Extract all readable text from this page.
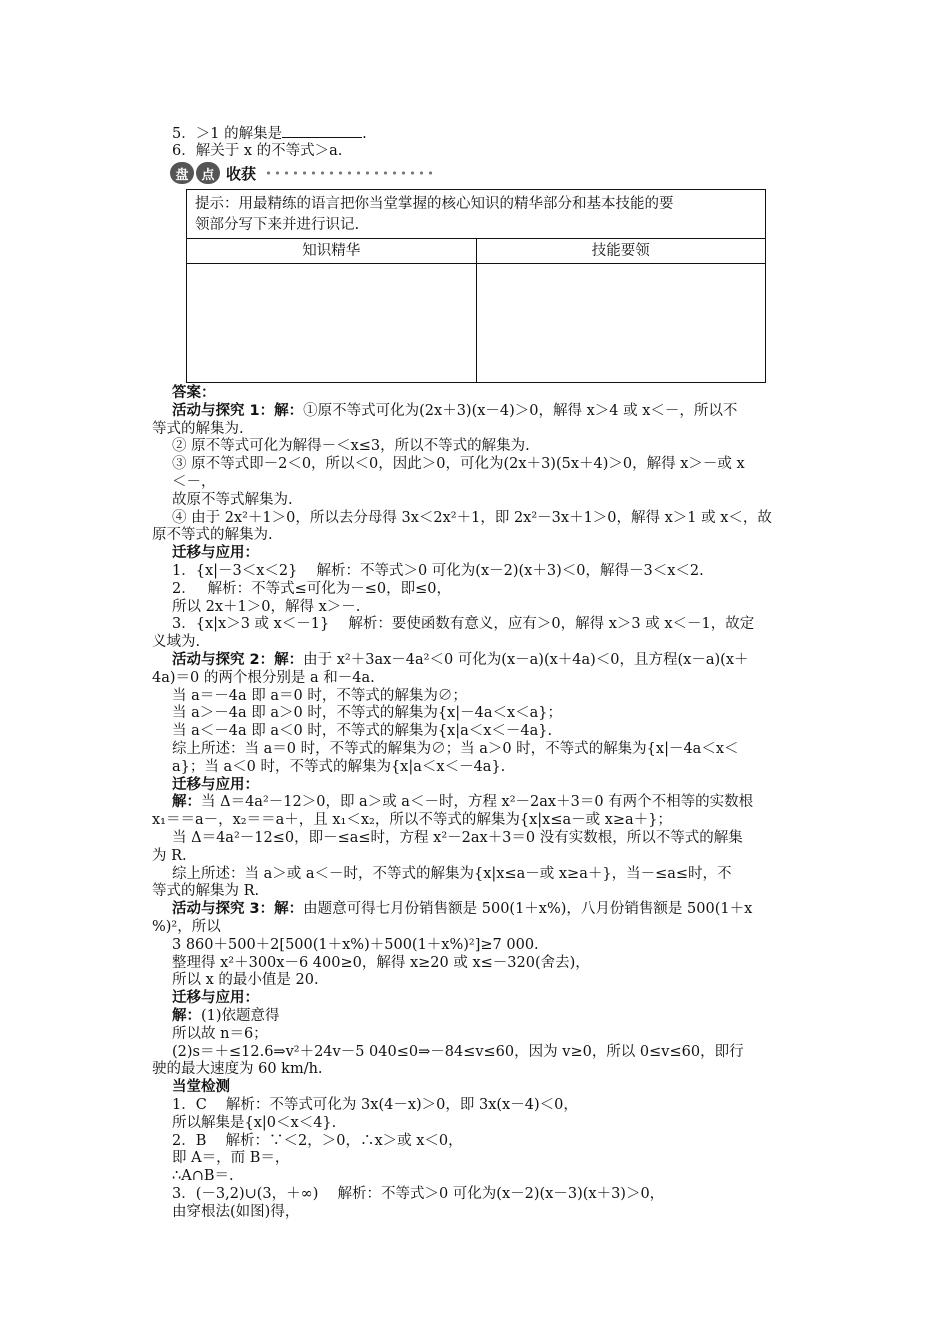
5．＞1 的解集是	.
6．解关于 x 的不等式＞a.
盘 点 收获
提示：用最精练的语言把你当堂掌握的核心知识的精华部分和基本技能的要
领部分写下来并进行识记.
知识精华	技能要领
答案：
活动与探究 1：解：①原不等式可化为(2x＋3)(x－4)＞0，解得 x＞4 或 x＜－，所以不
等式的解集为.
② 原不等式可化为解得－＜x≤3，所以不等式的解集为.
③ 原不等式即－2＜0，所以＜0，因此＞0，可化为(2x＋3)(5x＋4)＞0，解得 x＞－或 x
＜－，
故原不等式解集为.
④ 由于 2x²＋1＞0，所以去分母得 3x＜2x²＋1，即 2x²－3x＋1＞0，解得 x＞1 或 x＜，故
原不等式的解集为.
迁移与应用：
1．{x|－3＜x＜2}　 解析：不等式＞0 可化为(x－2)(x＋3)＜0，解得－3＜x＜2.
2．　 解析：不等式≤可化为－≤0，即≤0，
所以 2x＋1＞0，解得 x＞－.
3．{x|x＞3 或 x＜－1}　 解析：要使函数有意义，应有＞0，解得 x＞3 或 x＜－1，故定
义域为.
活动与探究 2：解：由于 x²＋3ax－4a²＜0 可化为(x－a)(x＋4a)＜0，且方程(x－a)(x＋
4a)＝0 的两个根分别是 a 和－4a.
当 a＝－4a 即 a＝0 时，不等式的解集为∅；
当 a＞－4a 即 a＞0 时，不等式的解集为{x|－4a＜x＜a}；
当 a＜－4a 即 a＜0 时，不等式的解集为{x|a＜x＜－4a}.
综上所述：当 a＝0 时，不等式的解集为∅；当 a＞0 时，不等式的解集为{x|－4a＜x＜
a}；当 a＜0 时，不等式的解集为{x|a＜x＜－4a}.
迁移与应用：
解：当 Δ＝4a²－12＞0，即 a＞或 a＜－时，方程 x²－2ax＋3＝0 有两个不相等的实数根
x₁＝＝a－，x₂＝＝a＋，且 x₁＜x₂，所以不等式的解集为{x|x≤a－或 x≥a＋}；
当 Δ＝4a²－12≤0，即－≤a≤时，方程 x²－2ax＋3＝0 没有实数根，所以不等式的解集
为 R.
综上所述：当 a＞或 a＜－时，不等式的解集为{x|x≤a－或 x≥a＋}，当－≤a≤时，不
等式的解集为 R.
活动与探究 3：解：由题意可得七月份销售额是 500(1＋x%)，八月份销售额是 500(1＋x
%)²，所以
3 860＋500＋2[500(1＋x%)＋500(1＋x%)²]≥7 000.
整理得 x²＋300x－6 400≥0，解得 x≥20 或 x≤－320(舍去)，
所以 x 的最小值是 20.
迁移与应用：
解：(1)依题意得
所以故 n＝6；
(2)s＝＋≤12.6⇒v²＋24v－5 040≤0⇒－84≤v≤60，因为 v≥0，所以 0≤v≤60，即行
驶的最大速度为 60 km/h.
当堂检测
1．C　 解析：不等式可化为 3x(4－x)＞0，即 3x(x－4)＜0，
所以解集是{x|0＜x＜4}.
2．B　 解析：∵＜2，＞0，∴x＞或 x＜0，
即 A＝，而 B＝，
∴A∩B＝.
3．(－3,2)∪(3，＋∞)　 解析：不等式＞0 可化为(x－2)(x－3)(x＋3)＞0，
由穿根法(如图)得，
